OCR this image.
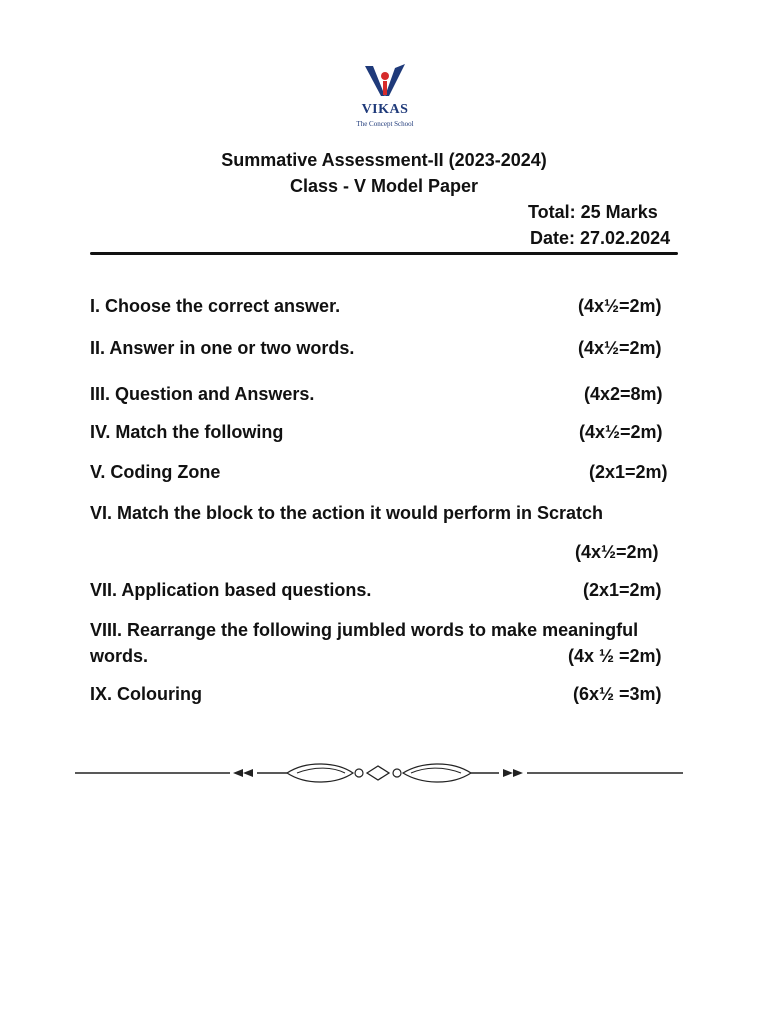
VIKAS
The Concept School
Summative Assessment-II (2023-2024)
Class - V Model Paper
Total: 25 Marks
Date: 27.02.2024
I. Choose the correct answer.	(4x½=2m)
II. Answer in one or two words.	(4x½=2m)
III. Question and Answers.	(4x2=8m)
IV. Match the following	(4x½=2m)
V. Coding Zone	(2x1=2m)
VI. Match the block to the action it would perform in Scratch
(4x½=2m)
VII. Application based questions.	(2x1=2m)
VIII. Rearrange the following jumbled words to make meaningful
words.	(4x ½ =2m)
IX. Colouring	(6x½ =3m)
